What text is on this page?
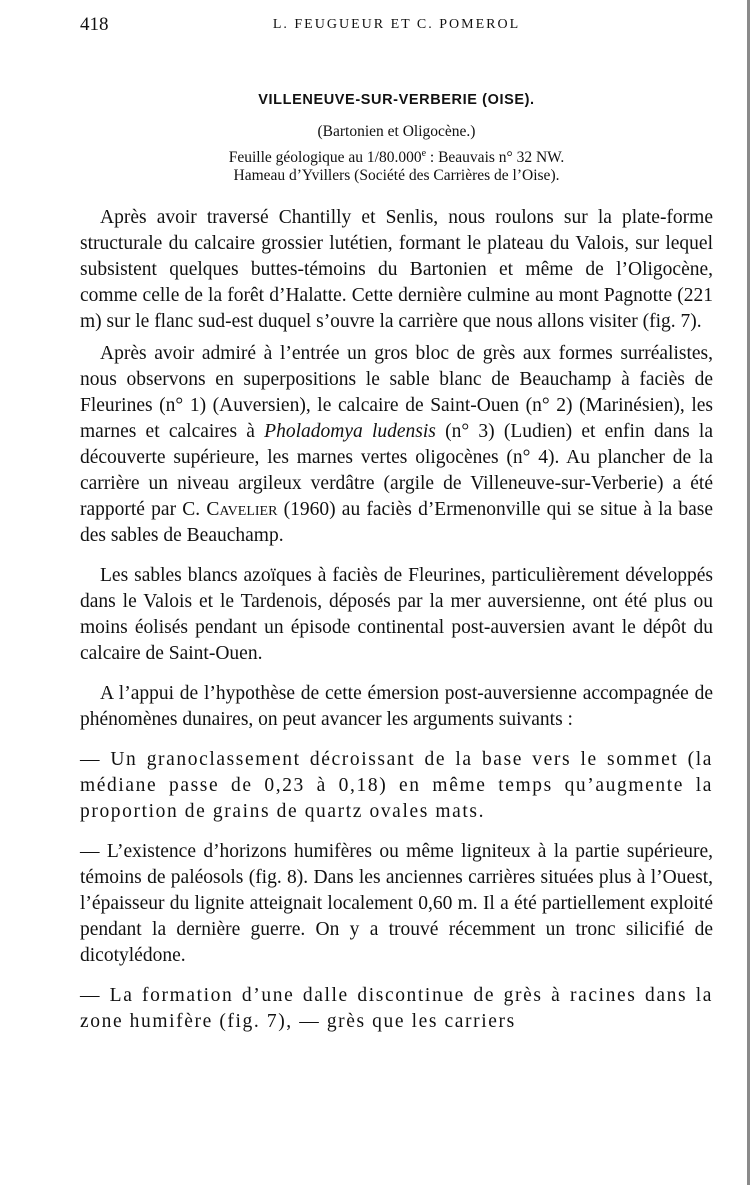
418	L. FEUGUEUR ET C. POMEROL
VILLENEUVE-SUR-VERBERIE (OISE).
(Bartonien et Oligocène.)
Feuille géologique au 1/80.000e : Beauvais n° 32 NW.
Hameau d’Yvillers (Société des Carrières de l’Oise).

Après avoir traversé Chantilly et Senlis, nous roulons sur la plate-forme structurale du calcaire grossier lutétien, formant le plateau du Valois, sur lequel subsistent quelques buttes-témoins du Bartonien et même de l’Oligocène, comme celle de la forêt d’Halatte. Cette dernière culmine au mont Pagnotte (221 m) sur le flanc sud-est duquel s’ouvre la carrière que nous allons visiter (fig. 7).

Après avoir admiré à l’entrée un gros bloc de grès aux formes surréalistes, nous observons en superpositions le sable blanc de Beauchamp à faciès de Fleurines (n° 1) (Auversien), le calcaire de Saint-Ouen (n° 2) (Marinésien), les marnes et calcaires à Pholadomya ludensis (n° 3) (Ludien) et enfin dans la découverte supérieure, les marnes vertes oligocènes (n° 4). Au plancher de la carrière un niveau argileux verdâtre (argile de Villeneuve-sur-Verberie) a été rapporté par C. Cavelier (1960) au faciès d’Ermenonville qui se situe à la base des sables de Beauchamp.

Les sables blancs azoïques à faciès de Fleurines, particulièrement développés dans le Valois et le Tardenois, déposés par la mer auversienne, ont été plus ou moins éolisés pendant un épisode continental post-auversien avant le dépôt du calcaire de Saint-Ouen.

A l’appui de l’hypothèse de cette émersion post-auversienne accompagnée de phénomènes dunaires, on peut avancer les arguments suivants :

— Un granoclassement décroissant de la base vers le sommet (la médiane passe de 0,23 à 0,18) en même temps qu’augmente la proportion de grains de quartz ovales mats.

— L’existence d’horizons humifères ou même ligniteux à la partie supérieure, témoins de paléosols (fig. 8). Dans les anciennes carrières situées plus à l’Ouest, l’épaisseur du lignite atteignait localement 0,60 m. Il a été partiellement exploité pendant la dernière guerre. On y a trouvé récemment un tronc silicifié de dicotylédone.

— La formation d’une dalle discontinue de grès à racines dans la zone humifère (fig. 7), — grès que les carriers
